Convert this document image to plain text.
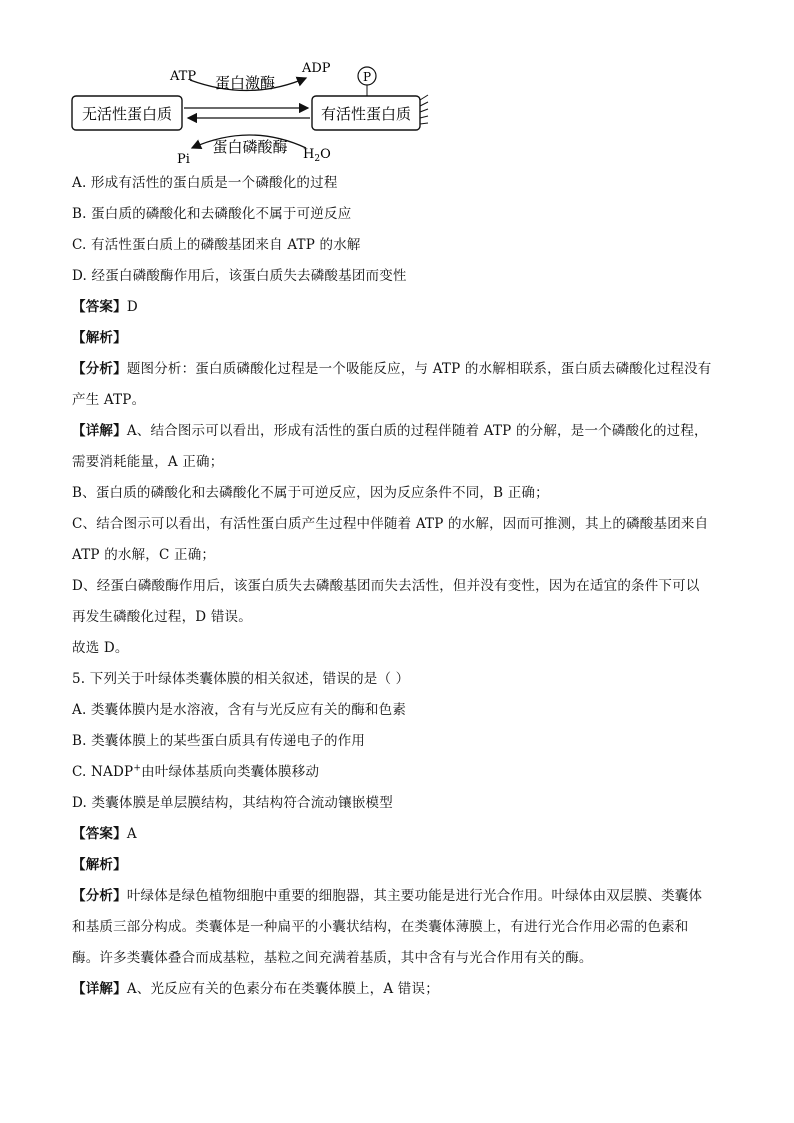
无活性蛋白质	有活性蛋白质
P
ATP
ADP
蛋白激酶
Pi
蛋白磷酸酶 $H_2O$
A. 形成有活性的蛋白质是一个磷酸化的过程
B. 蛋白质的磷酸化和去磷酸化不属于可逆反应
C. 有活性蛋白质上的磷酸基团来自 ATP 的水解
D. 经蛋白磷酸酶作用后，该蛋白质失去磷酸基团而变性
【答案】D
【解析】
【分析】题图分析：蛋白质磷酸化过程是一个吸能反应，与 ATP 的水解相联系，蛋白质去磷酸化过程没有
产生 ATP。
【详解】A、结合图示可以看出，形成有活性的蛋白质的过程伴随着 ATP 的分解，是一个磷酸化的过程，
需要消耗能量，A 正确；
B、蛋白质的磷酸化和去磷酸化不属于可逆反应，因为反应条件不同，B 正确；
C、结合图示可以看出，有活性蛋白质产生过程中伴随着 ATP 的水解，因而可推测，其上的磷酸基团来自
ATP 的水解，C 正确；
D、经蛋白磷酸酶作用后，该蛋白质失去磷酸基团而失去活性，但并没有变性，因为在适宜的条件下可以
再发生磷酸化过程，D 错误。
故选 D。
5. 下列关于叶绿体类囊体膜的相关叙述，错误的是（ ）
A. 类囊体膜内是水溶液，含有与光反应有关的酶和色素
B. 类囊体膜上的某些蛋白质具有传递电子的作用
C. NADP+由叶绿体基质向类囊体膜移动
D. 类囊体膜是单层膜结构，其结构符合流动镶嵌模型
【答案】A
【解析】
【分析】叶绿体是绿色植物细胞中重要的细胞器，其主要功能是进行光合作用。叶绿体由双层膜、类囊体
和基质三部分构成。类囊体是一种扁平的小囊状结构，在类囊体薄膜上，有进行光合作用必需的色素和
酶。许多类囊体叠合而成基粒，基粒之间充满着基质，其中含有与光合作用有关的酶。
【详解】A、光反应有关的色素分布在类囊体膜上，A 错误；
